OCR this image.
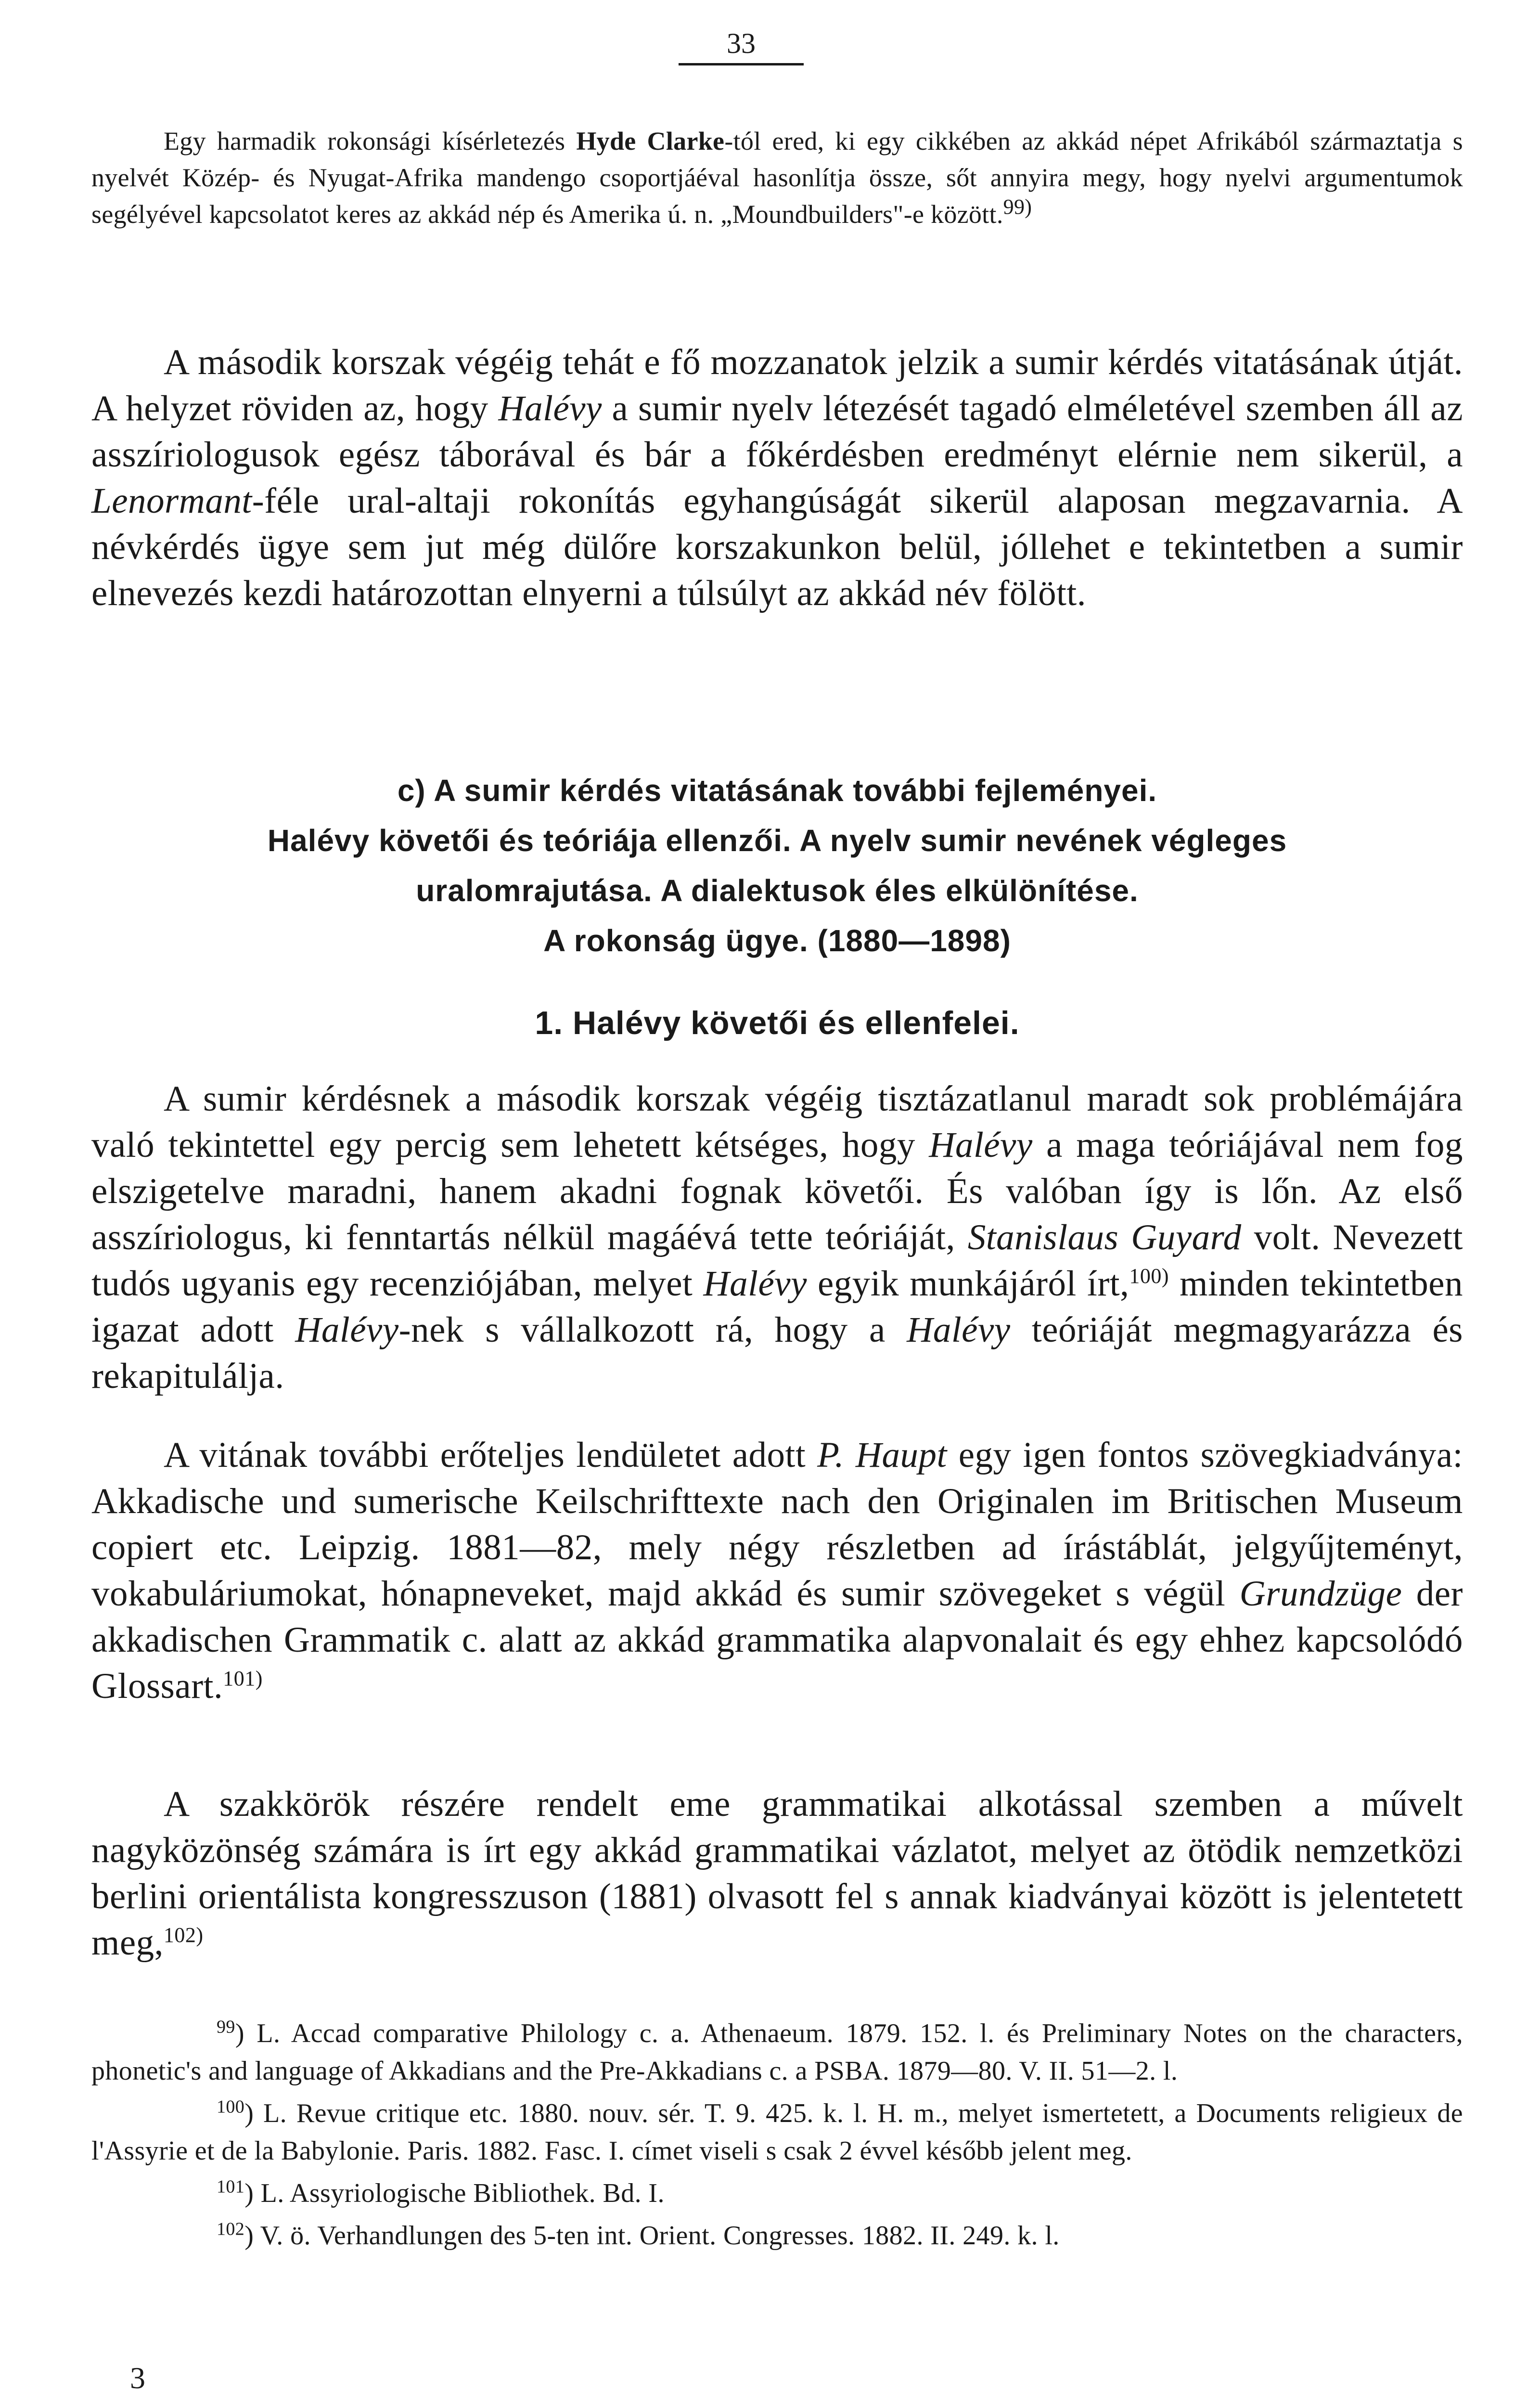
33

Egy harmadik rokonsági kísérletezés Hyde Clarke-tól ered, ki egy cikkében az akkád népet Afrikából származtatja s nyelvét Közép- és Nyugat-Afrika mandengo csoportjáéval hasonlítja össze, sőt annyira megy, hogy nyelvi argumentumok segélyével kapcsolatot keres az akkád nép és Amerika ú. n. „Moundbuilders"-e között.$^{99)}$

A második korszak végéig tehát e fő mozzanatok jelzik a sumir kérdés vitatásának útját. A helyzet röviden az, hogy Halévy a sumir nyelv létezését tagadó elméletével szemben áll az asszíriologusok egész táborával és bár a főkérdésben eredményt elérnie nem sikerül, a Lenormant-féle ural-altaji rokonítás egyhangúságát sikerül alaposan megzavarnia. A névkérdés ügye sem jut még dülőre korszakunkon belül, jóllehet e tekintetben a sumir elnevezés kezdi határozottan elnyerni a túlsúlyt az akkád név fölött.

c) A sumir kérdés vitatásának további fejleményei.
Halévy követői és teóriája ellenzői. A nyelv sumir nevének végleges
uralomrajutása. A dialektusok éles elkülönítése.
A rokonság ügye. (1880—1898)
1. Halévy követői és ellenfelei.

A sumir kérdésnek a második korszak végéig tisztázatlanul maradt sok problémájára való tekintettel egy percig sem lehetett kétséges, hogy Halévy a maga teóriájával nem fog elszigetelve maradni, hanem akadni fognak követői. És valóban így is lőn. Az első asszíriologus, ki fenntartás nélkül magáévá tette teóriáját, Stanislaus Guyard volt. Nevezett tudós ugyanis egy recenziójában, melyet Halévy egyik munkájáról írt,$^{100)}$ minden tekintetben igazat adott Halévy-nek s vállalkozott rá, hogy a Halévy teóriáját megmagyarázza és rekapitulálja.

A vitának további erőteljes lendületet adott P. Haupt egy igen fontos szövegkiadványa: Akkadische und sumerische Keilschrifttexte nach den Originalen im Britischen Museum copiert etc. Leipzig. 1881—82, mely négy részletben ad írástáblát, jelgyűjteményt, vokabuláriumokat, hónapneveket, majd akkád és sumir szövegeket s végül Grundzüge der akkadischen Grammatik c. alatt az akkád grammatika alapvonalait és egy ehhez kapcsolódó Glossart.$^{101)}$

A szakkörök részére rendelt eme grammatikai alkotással szemben a művelt nagyközönség számára is írt egy akkád grammatikai vázlatot, melyet az ötödik nemzetközi berlini orientálista kongresszuson (1881) olvasott fel s annak kiadványai között is jelentetett meg,$^{102)}$

$^{99}$) L. Accad comparative Philology c. a. Athenaeum. 1879. 152. l. és Preliminary Notes on the characters, phonetic's and language of Akkadians and the Pre-Akkadians c. a PSBA. 1879—80. V. II. 51—2. l.

$^{100}$) L. Revue critique etc. 1880. nouv. sér. T. 9. 425. k. l. H. m., melyet ismertetett, a Documents religieux de l'Assyrie et de la Babylonie. Paris. 1882. Fasc. I. címet viseli s csak 2 évvel később jelent meg.

$^{101}$) L. Assyriologische Bibliothek. Bd. I.

$^{102}$) V. ö. Verhandlungen des 5-ten int. Orient. Congresses. 1882. II. 249. k. l.

3
